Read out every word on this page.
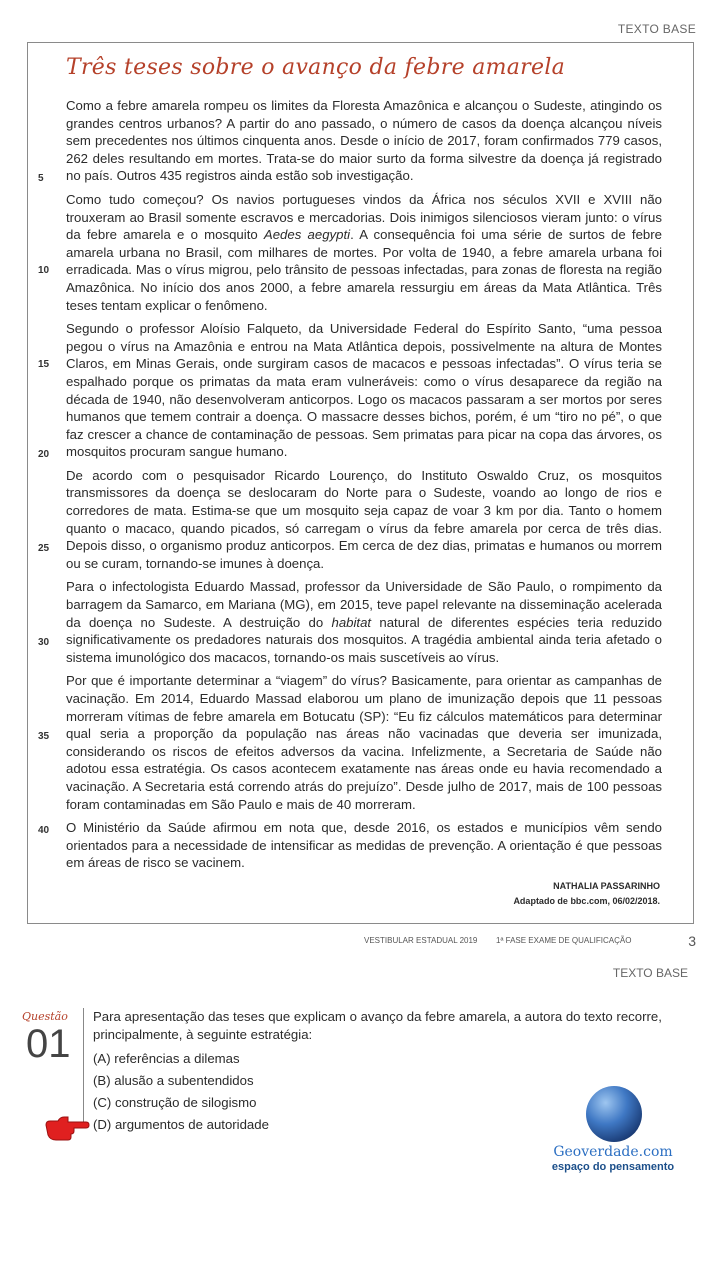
TEXTO BASE
Três teses sobre o avanço da febre amarela

Como a febre amarela rompeu os limites da Floresta Amazônica e alcançou o Sudeste, atingindo os grandes centros urbanos? A partir do ano passado, o número de casos da doença alcançou níveis sem precedentes nos últimos cinquenta anos. Desde o início de 2017, foram confirmados 779 casos, 262 deles resultando em mortes. Trata-se do maior surto da forma silvestre da doença já registrado no país. Outros 435 registros ainda estão sob investigação.

Como tudo começou? Os navios portugueses vindos da África nos séculos XVII e XVIII não trouxeram ao Brasil somente escravos e mercadorias. Dois inimigos silenciosos vieram junto: o vírus da febre amarela e o mosquito Aedes aegypti. A consequência foi uma série de surtos de febre amarela urbana no Brasil, com milhares de mortes. Por volta de 1940, a febre amarela urbana foi erradicada. Mas o vírus migrou, pelo trânsito de pessoas infectadas, para zonas de floresta na região Amazônica. No início dos anos 2000, a febre amarela ressurgiu em áreas da Mata Atlântica. Três teses tentam explicar o fenômeno.

Segundo o professor Aloísio Falqueto, da Universidade Federal do Espírito Santo, “uma pessoa pegou o vírus na Amazônia e entrou na Mata Atlântica depois, possivelmente na altura de Montes Claros, em Minas Gerais, onde surgiram casos de macacos e pessoas infectadas”. O vírus teria se espalhado porque os primatas da mata eram vulneráveis: como o vírus desaparece da região na década de 1940, não desenvolveram anticorpos. Logo os macacos passaram a ser mortos por seres humanos que temem contrair a doença. O massacre desses bichos, porém, é um “tiro no pé”, o que faz crescer a chance de contaminação de pessoas. Sem primatas para picar na copa das árvores, os mosquitos procuram sangue humano.

De acordo com o pesquisador Ricardo Lourenço, do Instituto Oswaldo Cruz, os mosquitos transmissores da doença se deslocaram do Norte para o Sudeste, voando ao longo de rios e corredores de mata. Estima-se que um mosquito seja capaz de voar 3 km por dia. Tanto o homem quanto o macaco, quando picados, só carregam o vírus da febre amarela por cerca de três dias. Depois disso, o organismo produz anticorpos. Em cerca de dez dias, primatas e humanos ou morrem ou se curam, tornando-se imunes à doença.

Para o infectologista Eduardo Massad, professor da Universidade de São Paulo, o rompimento da barragem da Samarco, em Mariana (MG), em 2015, teve papel relevante na disseminação acelerada da doença no Sudeste. A destruição do habitat natural de diferentes espécies teria reduzido significativamente os predadores naturais dos mosquitos. A tragédia ambiental ainda teria afetado o sistema imunológico dos macacos, tornando-os mais suscetíveis ao vírus.

Por que é importante determinar a “viagem” do vírus? Basicamente, para orientar as campanhas de vacinação. Em 2014, Eduardo Massad elaborou um plano de imunização depois que 11 pessoas morreram vítimas de febre amarela em Botucatu (SP): “Eu fiz cálculos matemáticos para determinar qual seria a proporção da população nas áreas não vacinadas que deveria ser imunizada, considerando os riscos de efeitos adversos da vacina. Infelizmente, a Secretaria de Saúde não adotou essa estratégia. Os casos acontecem exatamente nas áreas onde eu havia recomendado a vacinação. A Secretaria está correndo atrás do prejuízo”. Desde julho de 2017, mais de 100 pessoas foram contaminadas em São Paulo e mais de 40 morreram.

O Ministério da Saúde afirmou em nota que, desde 2016, os estados e municípios vêm sendo orientados para a necessidade de intensificar as medidas de prevenção. A orientação é que pessoas em áreas de risco se vacinem.

5
10
15
20
25
30
35
40
NATHALIA PASSARINHO
Adaptado de bbc.com, 06/02/2018.
VESTIBULAR ESTADUAL 2019 1ª FASE EXAME DE QUALIFICAÇÃO	3
TEXTO BASE
Questão
01
Para apresentação das teses que explicam o avanço da febre amarela, a autora do texto recorre, principalmente, à seguinte estratégia:
(A) referências a dilemas
(B) alusão a subentendidos
(C) construção de silogismo
(D) argumentos de autoridade
Geoverdade.com
espaço do pensamento
